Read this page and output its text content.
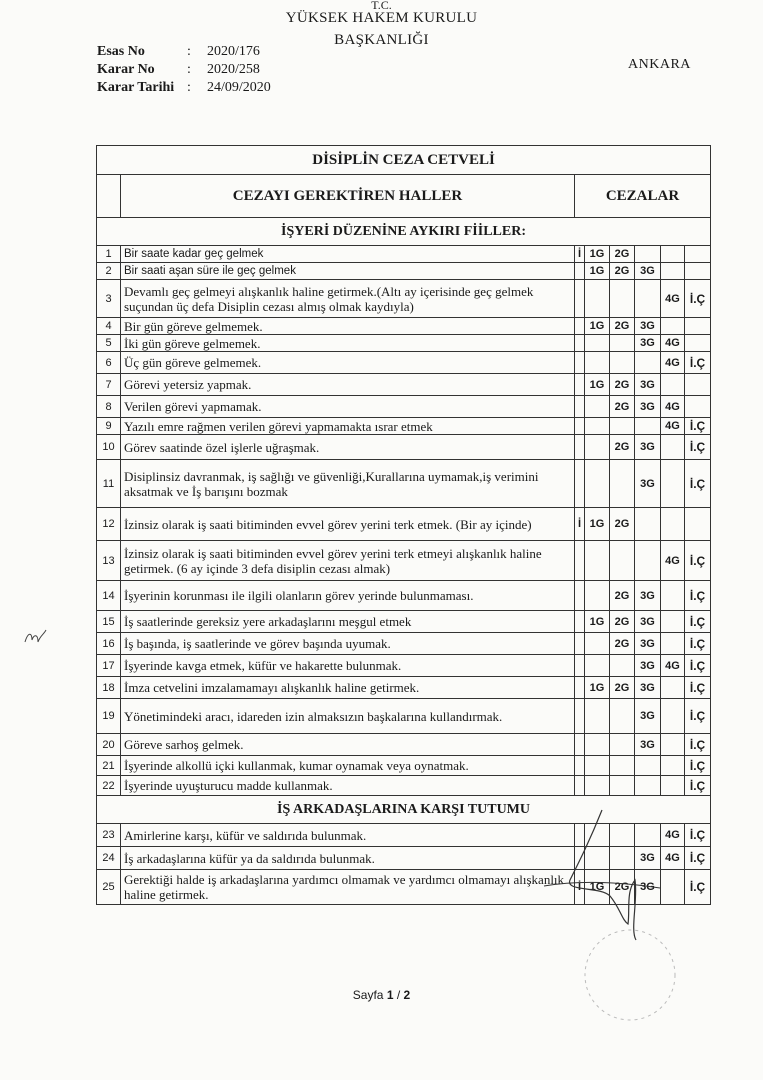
T.C.
YÜKSEK HAKEM KURULU
BAŞKANLIĞI
Esas No	:	2020/176
Karar No	:	2020/258
Karar Tarihi :	24/09/2020
ANKARA
DİSİPLİN CEZA CETVELİ							
	CEZAYI GEREKTİREN HALLER	CEZALAR					
İŞYERİ DÜZENİNE AYKIRI FİİLLER:							
1	Bir saate kadar geç gelmek	İ	1G	2G			
2	Bir saati aşan süre ile geç gelmek		1G	2G	3G		
3	Devamlı geç gelmeyi alışkanlık haline getirmek.(Altı ay içerisinde geç gelmek suçundan üç defa Disiplin cezası almış olmak kaydıyla)					4G	İ.Ç
4	Bir gün göreve gelmemek.		1G	2G	3G		
5	İki gün göreve gelmemek.				3G	4G	
6	Üç gün göreve gelmemek.					4G	İ.Ç
7	Görevi yetersiz yapmak.		1G	2G	3G		
8	Verilen görevi yapmamak.			2G	3G	4G	
9	Yazılı emre rağmen verilen görevi yapmamakta ısrar etmek					4G	İ.Ç
10	Görev saatinde özel işlerle uğraşmak.			2G	3G		İ.Ç
11	Disiplinsiz davranmak, iş sağlığı ve güvenliği,Kurallarına uymamak,iş verimini aksatmak ve İş barışını bozmak				3G		İ.Ç
12	İzinsiz olarak iş saati bitiminden evvel görev yerini terk etmek. (Bir ay içinde)	İ	1G	2G			
13	İzinsiz olarak iş saati bitiminden evvel görev yerini terk etmeyi alışkanlık haline getirmek. (6 ay içinde 3 defa disiplin cezası almak)					4G	İ.Ç
14	İşyerinin korunması ile ilgili olanların görev yerinde bulunmaması.			2G	3G		İ.Ç
15	İş saatlerinde gereksiz yere arkadaşlarını meşgul etmek		1G	2G	3G		İ.Ç
16	İş başında, iş saatlerinde ve görev başında uyumak.			2G	3G		İ.Ç
17	İşyerinde kavga etmek, küfür ve hakarette bulunmak.				3G	4G	İ.Ç
18	İmza cetvelini imzalamamayı alışkanlık haline getirmek.		1G	2G	3G		İ.Ç
19	Yönetimindeki aracı, idareden izin almaksızın başkalarına kullandırmak.				3G		İ.Ç
20	Göreve sarhoş gelmek.				3G		İ.Ç
21	İşyerinde alkollü içki kullanmak, kumar oynamak veya oynatmak.						İ.Ç
22	İşyerinde uyuşturucu madde kullanmak.						İ.Ç
İŞ ARKADAŞLARINA KARŞI TUTUMU							
23	Amirlerine karşı, küfür ve saldırıda bulunmak.					4G	İ.Ç
24	İş arkadaşlarına küfür ya da saldırıda bulunmak.				3G	4G	İ.Ç
25	Gerektiği halde iş arkadaşlarına yardımcı olmamak ve yardımcı olmamayı alışkanlık haline getirmek.	İ	1G	2G	3G		İ.Ç
Sayfa 1 / 2
